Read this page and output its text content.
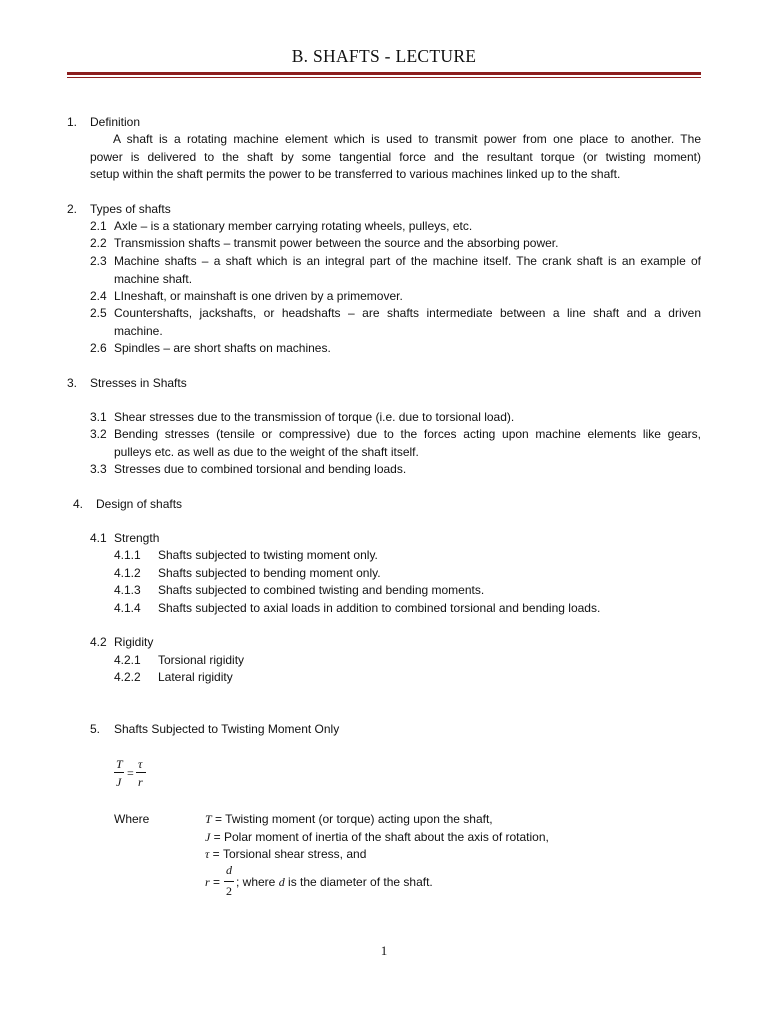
B. SHAFTS - LECTURE
1. Definition
A shaft is a rotating machine element which is used to transmit power from one place to another. The
power is delivered to the shaft by some tangential force and the resultant torque (or twisting moment)
setup within the shaft permits the power to be transferred to various machines linked up to the shaft.
2. Types of shafts
2.1 Axle – is a stationary member carrying rotating wheels, pulleys, etc.
2.2 Transmission shafts – transmit power between the source and the absorbing power.
2.3 Machine shafts – a shaft which is an integral part of the machine itself. The crank shaft is an example of
machine shaft.
2.4 LIneshaft, or mainshaft is one driven by a primemover.
2.5 Countershafts, jackshafts, or headshafts – are shafts intermediate between a line shaft and a driven
machine.
2.6 Spindles – are short shafts on machines.
3. Stresses in Shafts
3.1 Shear stresses due to the transmission of torque (i.e. due to torsional load).
3.2 Bending stresses (tensile or compressive) due to the forces acting upon machine elements like gears,
pulleys etc. as well as due to the weight of the shaft itself.
3.3 Stresses due to combined torsional and bending loads.
4. Design of shafts
4.1 Strength
4.1.1 Shafts subjected to twisting moment only.
4.1.2 Shafts subjected to bending moment only.
4.1.3 Shafts subjected to combined twisting and bending moments.
4.1.4 Shafts subjected to axial loads in addition to combined torsional and bending loads.
4.2 Rigidity
4.2.1 Torsional rigidity
4.2.2 Lateral rigidity
5. Shafts Subjected to Twisting Moment Only
T
J
=
τ
r
Where	T = Twisting moment (or torque) acting upon the shaft,
J = Polar moment of inertia of the shaft about the axis of rotation,
τ = Torsional shear stress, and
r =
d
2
; where d is the diameter of the shaft.
1
